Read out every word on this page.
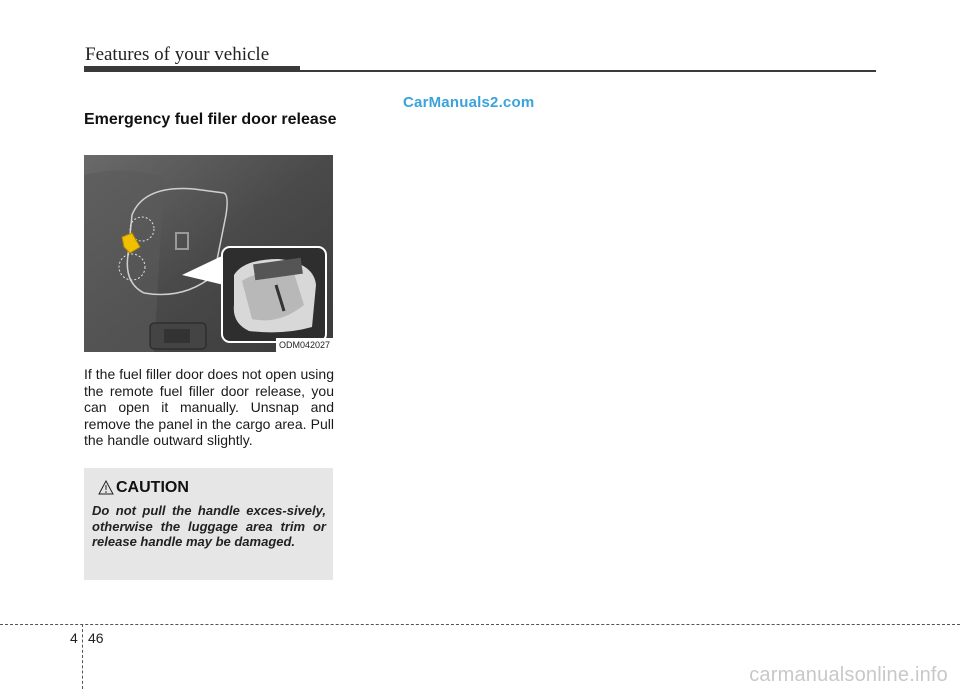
Features of your vehicle
CarManuals2.com
Emergency fuel filer door release
ODM042027
If the fuel filler door does not open using the remote fuel filler door release, you can open it manually. Unsnap and remove the panel in the cargo area. Pull the handle outward slightly.
CAUTION
Do not pull the handle exces-sively, otherwise the luggage area trim or release handle may be damaged.
4 46
carmanualsonline.info
